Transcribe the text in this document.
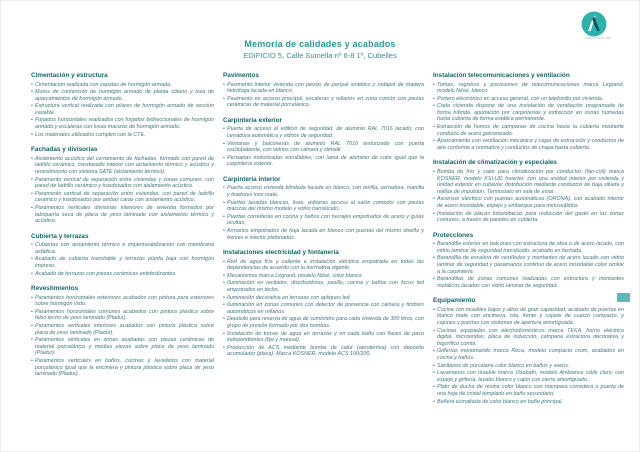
ARQUITECTURA
Memoria de calidades y acabados
EDIFICIO 5, Calle Sumella nº 6-8 1º, Cubelles
Cimentación y estructura
• Cimentación realizada con zapatas de hormigón armada.
• Muros de contención de hormigón armado de planta sótano y losa de aparcamientos de hormigón armado.
• Estructura vertical realizada con pilares de hormigón armado de sección variable.
• Forjados horizontales realizados con forjados bidireccionales de hormigón armado y escaleras con losas macizas de hormigón armado.
• Los materiales utilizados cumplen con la CTE.
Fachadas y divisorias
• Aislamiento acústico del cerramiento de fachadas, formado con pared de ladrillo cerámico, trasdosado interior con aislamiento térmico y acústico y revestimiento con sistema SATE (aislamiento térmico).
• Paramento vertical de separación entre viviendas y zonas comunes, con pared de ladrillo cerámico y trasdosados con aislamiento acústico.
• Paramento vertical de separación entre viviendas, con pared de ladrillo cerámico y trasdosados por ambas caras con aislamiento acústico.
• Paramentos verticales divisorias interiores de vivienda formados por tabiquería seca de placa de yeso laminado con aislamiento térmico y acústico.
Cubierta y terrazas
• Cubiertas con aislamiento térmico e impermeabilización con membrana asfáltica.
• Acabado de cubierta transitable y terrazas planta baja con hormigón impreso.
• Acabado de terrazas con piezas cerámicas antideslizantes.
Revestimientos
• Paramentos horizontales exteriores acabados con pintura para exteriores sobre hormigón visto.
• Paramentos horizontales comunes acabados con pintura plástica sobre falso techo de yeso laminado (Pladur).
• Paramentos verticales interiores acabados con pintura plástica sobre placa de yeso laminado (Pladur).
• Paramentos verticales en zonas acabadas con piezas cerámicas de material porcelánico y medias piezas sobre placa de yeso laminado (Pladur).
• Paramentos verticales en baños, cocinas y lavaderos con material porcelánico igual que la encimera y pintura plástica sobre placa de yeso laminado (Pladur).
Pavimentos
• Pavimento interior vivienda con piezas de parqué sintético y rodapié de madera hidrófuga lacada en blanco.
• Pavimento en acceso principal, escaleras y rellanos en zona común con piezas cerámicas de material porcelánico.
Carpintería exterior
• Puerta de acceso al edificio de seguridad, de aluminio RAL 7016 lacado, con cerradura automática y vidrios de seguridad.
• Ventanas y balconeras de aluminio RAL 7016 texturizado con puerta oscilobatiente, con vidrios con cámara y climalit.
• Persianas motorizadas enrollables, con lama de aluminio de color igual que la carpintería exterior.
Carpintería interior
• Puerta acceso vivienda blindada lacada en blanco, con mirilla, cerradura, manilla y tiradores inox mate.
• Puertas lacadas blancas, lisas, vidrieras acceso al salón comedor con piezas macizas del mismo modelo y vidrio translúcido.
• Puertas correderas en cocina y baños con herrajes empotrados de acero y guías ocultas.
• Armarios empotrados de hoja lacada en blanco con puertas del mismo diseño y frentes e interior plafonados.
Instalaciones electricidad y fontanería
• Red de agua fría y caliente e instalación eléctrica empotrada en todas las dependencias de acuerdo con la normativa vigente.
• Mecanismos marca Legrand, modelo Niloé, color blanco.
• Iluminación en recibidor, distribuidores, pasillo, cocina y baños con focos led empotrados en techo.
• Iluminación decorativa en terrazas con apliques led.
• Iluminación en zonas comunes con detector de presencia con cámara y timbres automáticos en rellanos.
• Depósito para reserva de agua de suministro para cada vivienda de 300 litros, con grupo de presión formado por dos bombas.
• Instalación de tomas de agua en terrazas y en cada baño con llaves de paso independientes (fija y manual).
• Producción de ACS mediante bomba de calor (aerotermia) con depósito acumulador (placa). Marca KOSNER, modelo ACS 190/200.
Instalación telecomunicaciones y ventilación
• Tomas, registros y previsiones de telecomunicaciones marca Legrand, modelo Niloé, blanco.
• Portero electrónico en acceso general, con un telefonillo por vivienda.
• Cada vivienda dispone de una instalación de ventilación programada de forma híbrida, aportación por carpinterías y extracción en zonas húmedas hasta cubierta de forma estática permanente.
• Extracción de humos de campanas de cocina hasta la cubierta mediante conducto de acero galvanizado.
• Aparcamiento con ventilación mecánica y cajas de extracción y conductos de aire conforme a normativa y conductos de chapa hasta cubierta.
Instalación de climatización y especiales
• Bomba de frío y calor para climatización por conductos (fan-coil) marca KOSNER, modelo KSI-UD Inverter, con una unidad interior por vivienda y unidad exterior en cubierta; distribución mediante conductos de baja silueta y rejillas de impulsión. Termostato en sala de estar.
• Ascensor eléctrico con puertas automáticas (ORONA), con acabado interior de acero inoxidable, espejo y embarque para minusválidos.
• Instalación de placas fotovoltaicas para reducción del gasto en las zonas comunes, a través de paneles en cubierta.
Protecciones
• Barandilla exterior en balcones con estructura de obra o de acero lacado, con vidrio laminar de seguridad translúcido, acabado en fachada.
• Barandilla de escalera de vestíbulos y montantes de acero lacado con vidrio laminar de seguridad y pasamanos continuo de acero inoxidable color similar a la carpintería.
• Barandillas de zonas comunes realizadas con estructura y montantes metálicos lacados con vidrio laminar de seguridad.
Equipamiento
• Cocina con muebles bajos y altos de gran capacidad, acabado de puertas en blanco mate con encimera, isla, frente y copete de cuarzo compacto, y cajones y puertas con sistemas de apertura amortiguada.
• Cocinas equipadas con electrodomésticos marca TEKA, horno eléctrico digital, microondas, placa de inducción, campana extractora decorativa y frigorífico combi.
• Griferías monomando marca Roca, modelo compacto crom, acabados en cocina y baños.
• Sanitarios de porcelana color blanco en baños y aseos.
• Lavamanos con mueble marca Visobath, modelo Ambiance roble claro, con espejo y grifería, lavabo blanco y cajón con cierre amortiguado.
• Plato de ducha de resina color blanco con mampara corredera o puerta de una hoja de cristal templado en baño secundario.
• Bañera esmaltada de color blanco en baño principal.
